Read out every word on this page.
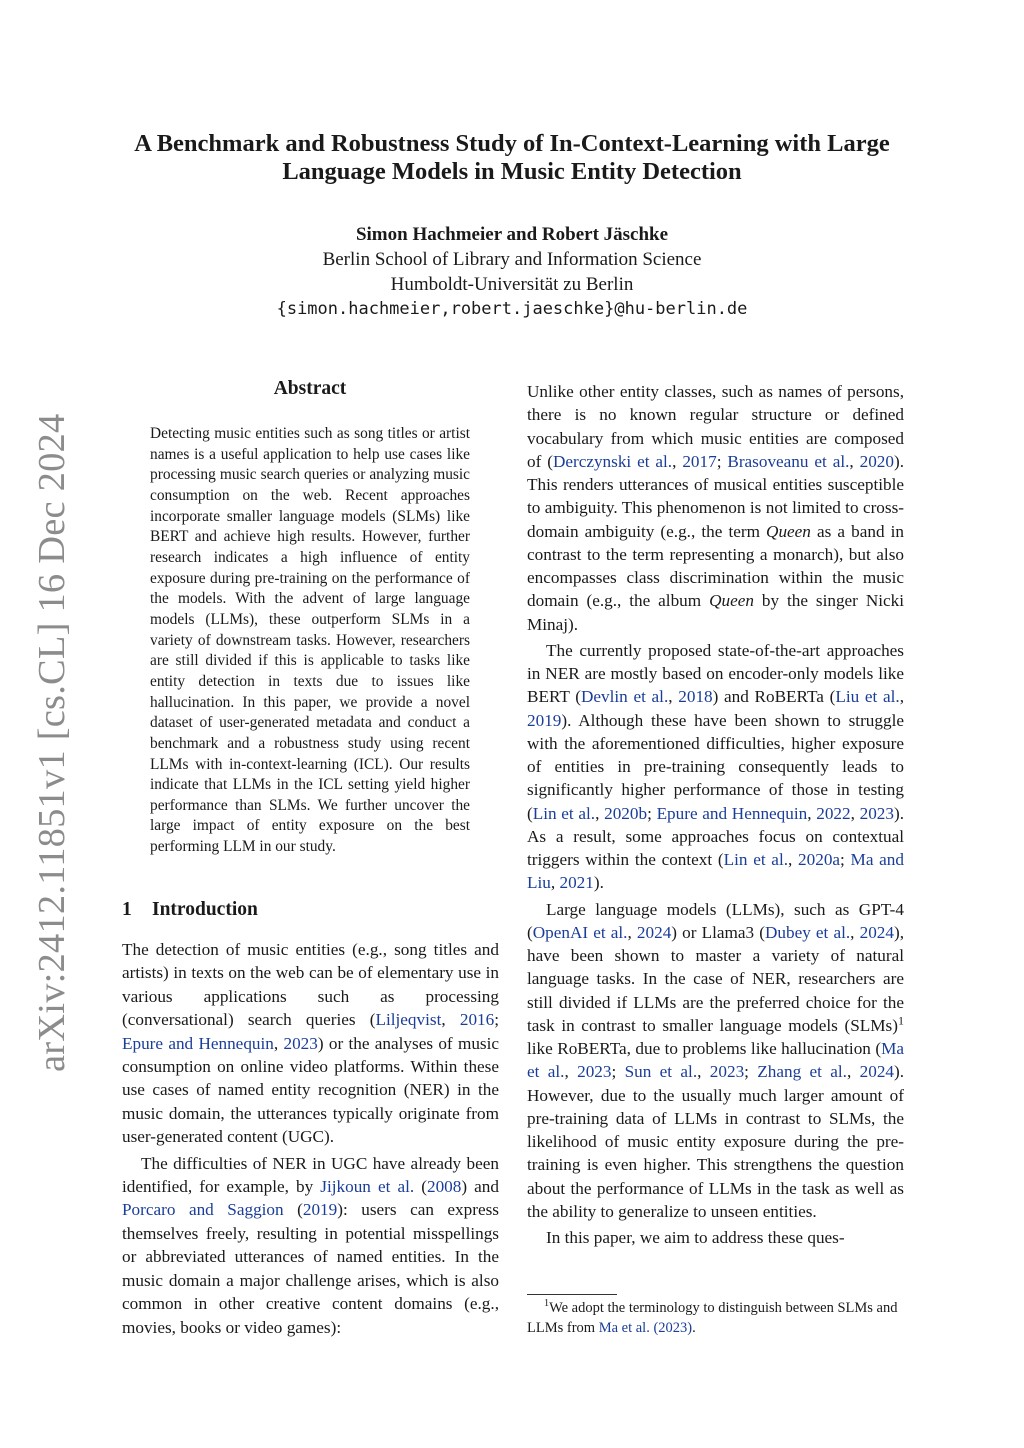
arXiv:2412.11851v1 [cs.CL] 16 Dec 2024
A Benchmark and Robustness Study of In-Context-Learning with Large
Language Models in Music Entity Detection
Simon Hachmeier and Robert Jäschke
Berlin School of Library and Information Science
Humboldt-Universität zu Berlin
{simon.hachmeier,robert.jaeschke}@hu-berlin.de
Abstract
Detecting music entities such as song titles or artist names is a useful application to help use cases like processing music search queries or analyzing music consumption on the web. Recent approaches incorporate smaller language models (SLMs) like BERT and achieve high results. However, further research indicates a high influence of entity exposure during pre-training on the performance of the models. With the advent of large language models (LLMs), these outperform SLMs in a variety of downstream tasks. However, researchers are still divided if this is applicable to tasks like entity detection in texts due to issues like hallucination. In this paper, we provide a novel dataset of user-generated metadata and conduct a benchmark and a robustness study using recent LLMs with in-context-learning (ICL). Our results indicate that LLMs in the ICL setting yield higher performance than SLMs. We further uncover the large impact of entity exposure on the best performing LLM in our study.
1 Introduction

The detection of music entities (e.g., song titles and artists) in texts on the web can be of elementary use in various applications such as processing (conversational) search queries (Liljeqvist, 2016; Epure and Hennequin, 2023) or the analyses of music consumption on online video platforms. Within these use cases of named entity recognition (NER) in the music domain, the utterances typically originate from user-generated content (UGC).

The difficulties of NER in UGC have already been identified, for example, by Jijkoun et al. (2008) and Porcaro and Saggion (2019): users can express themselves freely, resulting in potential misspellings or abbreviated utterances of named entities. In the music domain a major challenge arises, which is also common in other creative content domains (e.g., movies, books or video games):

Unlike other entity classes, such as names of persons, there is no known regular structure or defined vocabulary from which music entities are composed of (Derczynski et al., 2017; Brasoveanu et al., 2020). This renders utterances of musical entities susceptible to ambiguity. This phenomenon is not limited to cross-domain ambiguity (e.g., the term Queen as a band in contrast to the term representing a monarch), but also encompasses class discrimination within the music domain (e.g., the album Queen by the singer Nicki Minaj).

The currently proposed state-of-the-art approaches in NER are mostly based on encoder-only models like BERT (Devlin et al., 2018) and RoBERTa (Liu et al., 2019). Although these have been shown to struggle with the aforementioned difficulties, higher exposure of entities in pre-training consequently leads to significantly higher performance of those in testing (Lin et al., 2020b; Epure and Hennequin, 2022, 2023). As a result, some approaches focus on contextual triggers within the context (Lin et al., 2020a; Ma and Liu, 2021).

Large language models (LLMs), such as GPT-4 (OpenAI et al., 2024) or Llama3 (Dubey et al., 2024), have been shown to master a variety of natural language tasks. In the case of NER, researchers are still divided if LLMs are the preferred choice for the task in contrast to smaller language models (SLMs)$^1$ like RoBERTa, due to problems like hallucination (Ma et al., 2023; Sun et al., 2023; Zhang et al., 2024). However, due to the usually much larger amount of pre-training data of LLMs in contrast to SLMs, the likelihood of music entity exposure during the pre-training is even higher. This strengthens the question about the performance of LLMs in the task as well as the ability to generalize to unseen entities.

In this paper, we aim to address these ques-

$^1$We adopt the terminology to distinguish between SLMs and LLMs from Ma et al. (2023).
